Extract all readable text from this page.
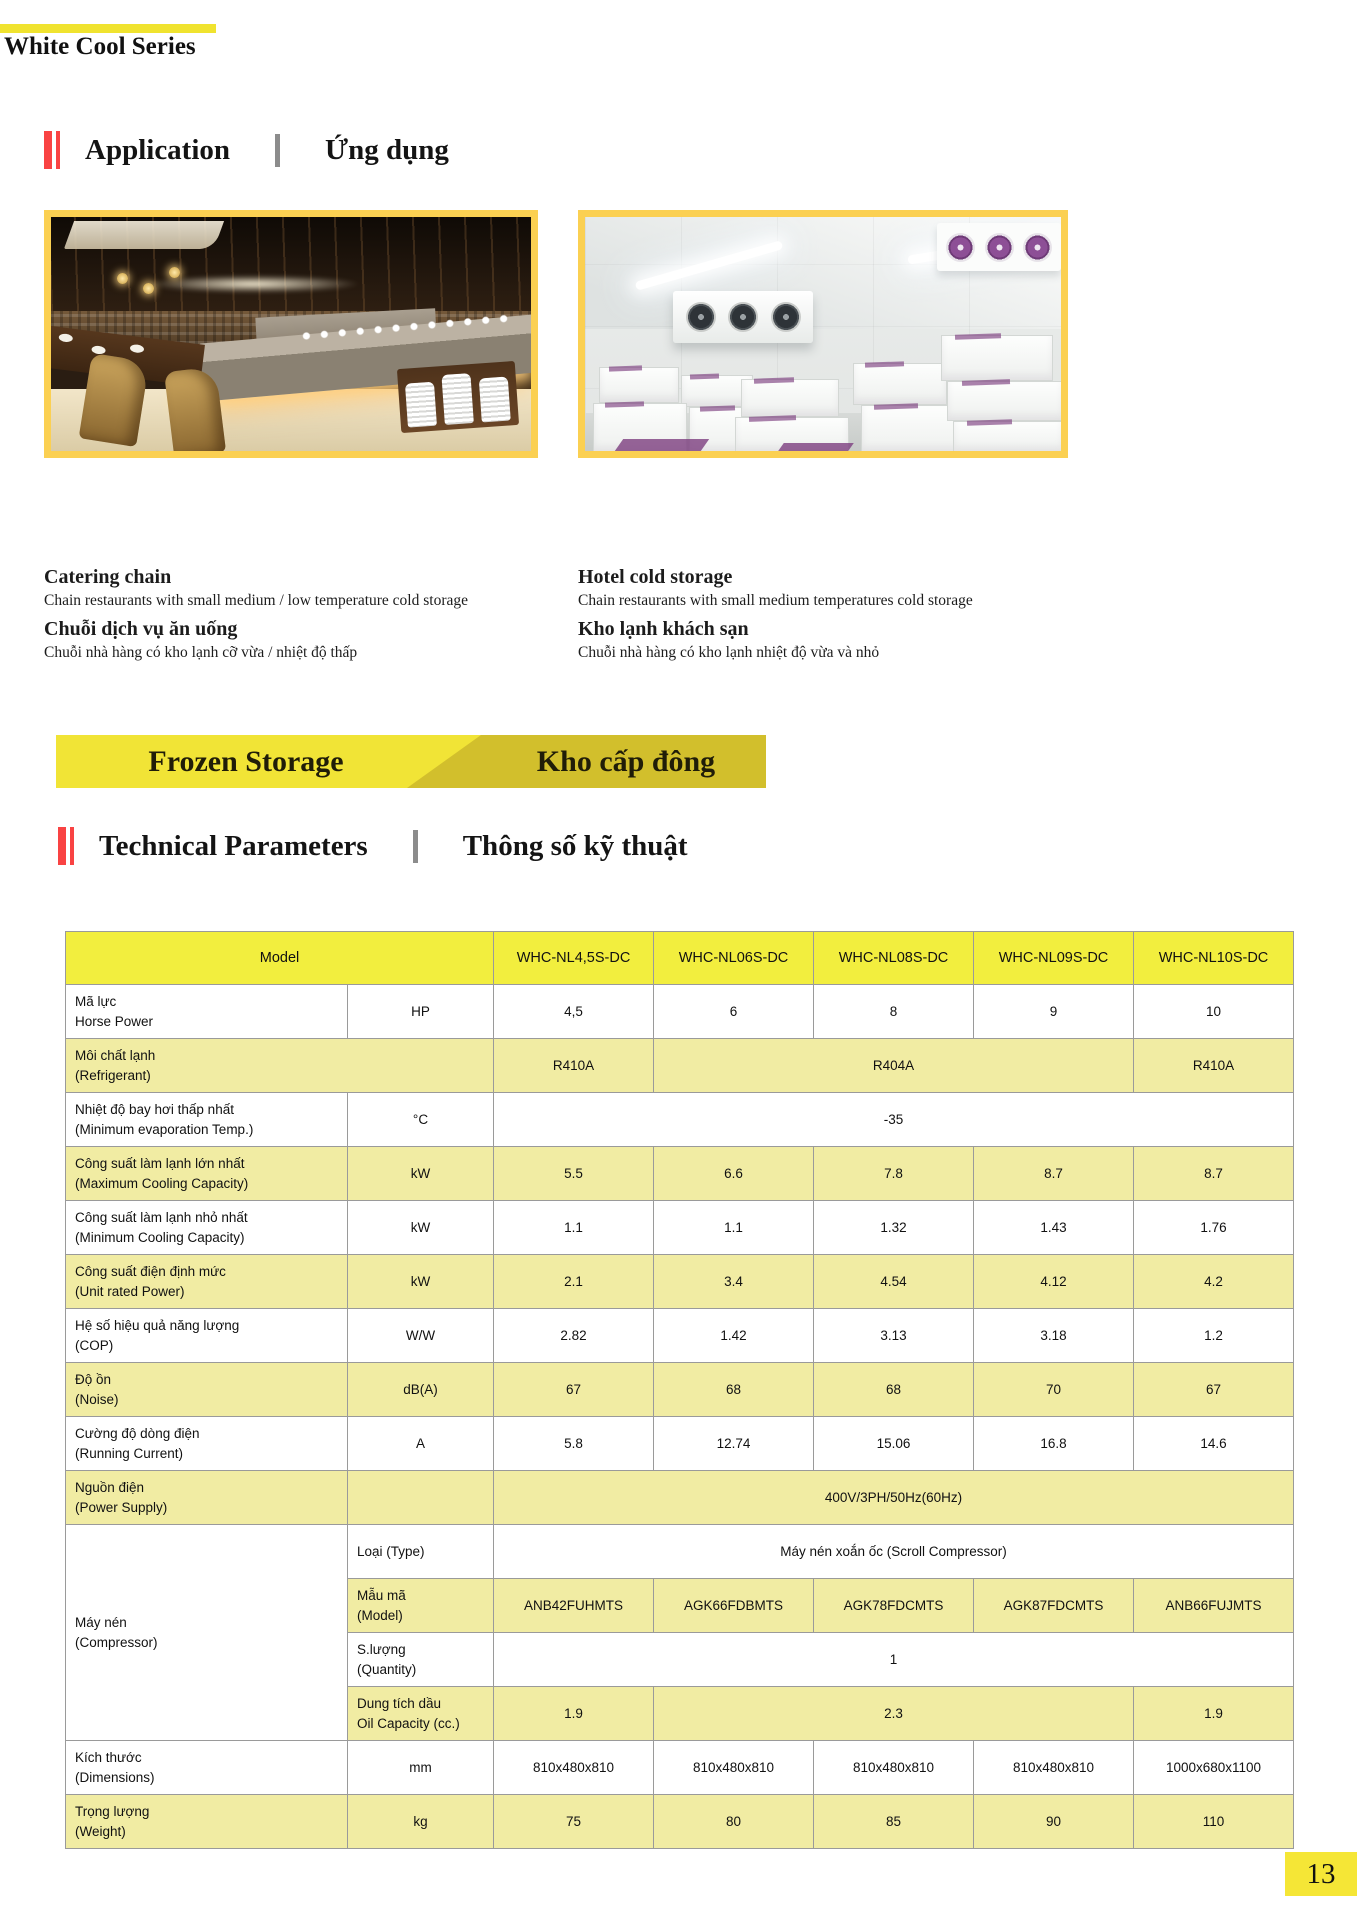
White Cool Series
Application	Ứng dụng
Catering chain

Chain restaurants with small medium / low temperature cold storage

Chuỗi dịch vụ ăn uống

Chuỗi nhà hàng có kho lạnh cỡ vừa / nhiệt độ thấp

Hotel cold storage

Chain restaurants with small medium temperatures cold storage

Kho lạnh khách sạn

Chuỗi nhà hàng có kho lạnh nhiệt độ vừa và nhỏ

Frozen Storage	Kho cấp đông
Technical Parameters	Thông số kỹ thuật
Model		WHC-NL4,5S-DC	WHC-NL06S-DC	WHC-NL08S-DC	WHC-NL09S-DC	WHC-NL10S-DC

Mã lực
Horse Power	HP	4,5	6	8	9	10

Môi chất lạnh
(Refrigerant)		R410A	R404A			R410A

Nhiệt độ bay hơi thấp nhất
(Minimum evaporation Temp.)	°C	-35				

Công suất làm lạnh lớn nhất
(Maximum Cooling Capacity)	kW	5.5	6.6	7.8	8.7	8.7

Công suất làm lạnh nhỏ nhất
(Minimum Cooling Capacity)	kW	1.1	1.1	1.32	1.43	1.76

Công suất điện định mức
(Unit rated Power)	kW	2.1	3.4	4.54	4.12	4.2

Hệ số hiệu quả năng lượng
(COP)	W/W	2.82	1.42	3.13	3.18	1.2

Độ ồn
(Noise)	dB(A)	67	68	68	70	67

Cường độ dòng điện
(Running Current)	A	5.8	12.74	15.06	16.8	14.6

Nguồn điện
(Power Supply)		400V/3PH/50Hz(60Hz)				

Máy nén
(Compressor)	Loại (Type)	Máy nén xoắn ốc (Scroll Compressor)				

	Mẫu mã
(Model)	ANB42FUHMTS	AGK66FDBMTS	AGK78FDCMTS	AGK87FDCMTS	ANB66FUJMTS

	S.lượng
(Quantity)	1				

	Dung tích dầu
Oil Capacity (cc.)	1.9	2.3			1.9

Kích thước
(Dimensions)	mm	810x480x810	810x480x810	810x480x810	810x480x810	1000x680x1100

Trọng lượng
(Weight)	kg	75	80	85	90	110
13
